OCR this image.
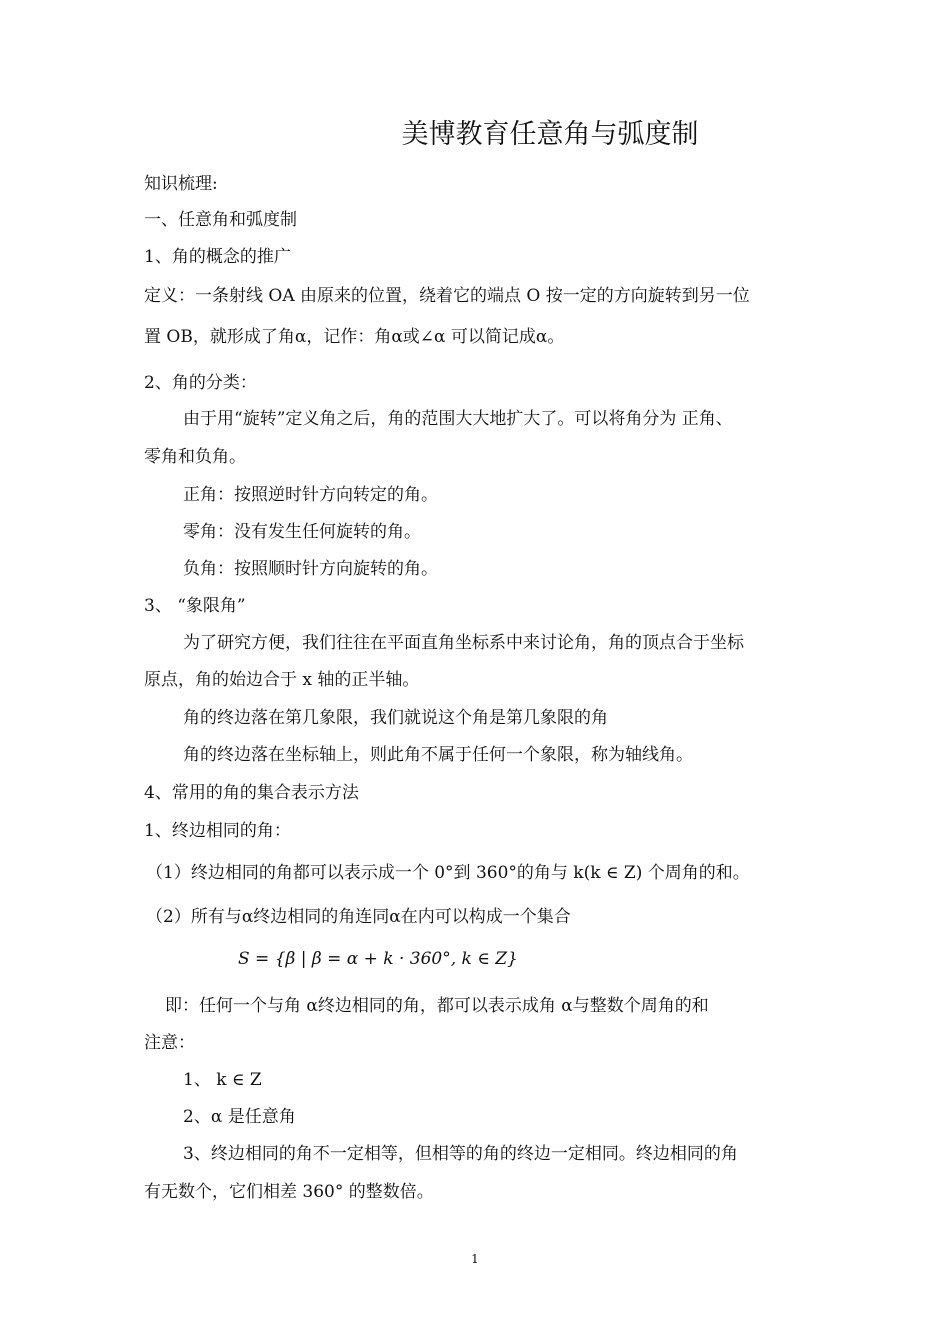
美博教育任意角与弧度制
知识梳理:
一、任意角和弧度制
1、角的概念的推广
定义：一条射线 OA 由原来的位置，绕着它的端点 O 按一定的方向旋转到另一位
置 OB，就形成了角α，记作：角α或∠α 可以简记成α。
2、角的分类：
由于用“旋转”定义角之后，角的范围大大地扩大了。可以将角分为 正角、
零角和负角。
正角：按照逆时针方向转定的角。
零角：没有发生任何旋转的角。
负角：按照顺时针方向旋转的角。
3、 “象限角”
为了研究方便，我们往往在平面直角坐标系中来讨论角，角的顶点合于坐标
原点，角的始边合于 x 轴的正半轴。
角的终边落在第几象限，我们就说这个角是第几象限的角
角的终边落在坐标轴上，则此角不属于任何一个象限，称为轴线角。
4、常用的角的集合表示方法
1、终边相同的角：
（1）终边相同的角都可以表示成一个 0°到 360°的角与 k(k ∈ Z) 个周角的和。
（2）所有与α终边相同的角连同α在内可以构成一个集合
S = {β | β = α + k · 360°, k ∈ Z}
即：任何一个与角 α终边相同的角，都可以表示成角 α与整数个周角的和
注意：
1、 k ∈ Z
2、α 是任意角
3、终边相同的角不一定相等，但相等的角的终边一定相同。终边相同的角
有无数个，它们相差 360° 的整数倍。
1
